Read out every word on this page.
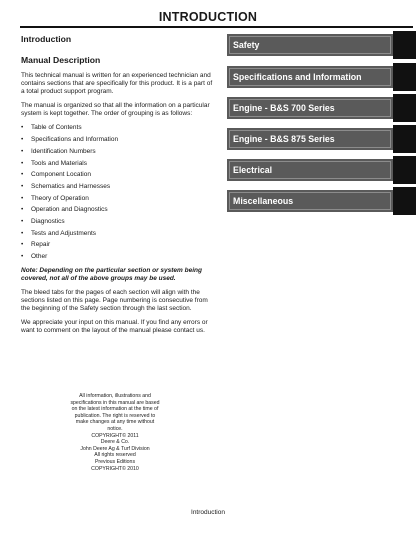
INTRODUCTION
Introduction
Manual Description

This technical manual is written for an experienced technician and contains sections that are specifically for this product. It is a part of a total product support program.

The manual is organized so that all the information on a particular system is kept together. The order of grouping is as follows:

• Table of Contents
• Specifications and Information
• Identification Numbers
• Tools and Materials
• Component Location
• Schematics and Harnesses
• Theory of Operation
• Operation and Diagnostics
• Diagnostics
• Tests and Adjustments
• Repair
• Other

Note: Depending on the particular section or system being covered, not all of the above groups may be used.

The bleed tabs for the pages of each section will align with the sections listed on this page. Page numbering is consecutive from the beginning of the Safety section through the last section.

We appreciate your input on this manual. If you find any errors or want to comment on the layout of the manual please contact us.

All information, illustrations and
specifications in this manual are based
on the latest information at the time of
publication. The right is reserved to
make changes at any time without
notice.
COPYRIGHT© 2011
Deere & Co.
John Deere Ag & Turf Division
All rights reserved
Previous Editions
COPYRIGHT© 2010
Safety
Specifications and Information
Engine - B&S 700 Series
Engine - B&S 875 Series
Electrical
Miscellaneous
Introduction
